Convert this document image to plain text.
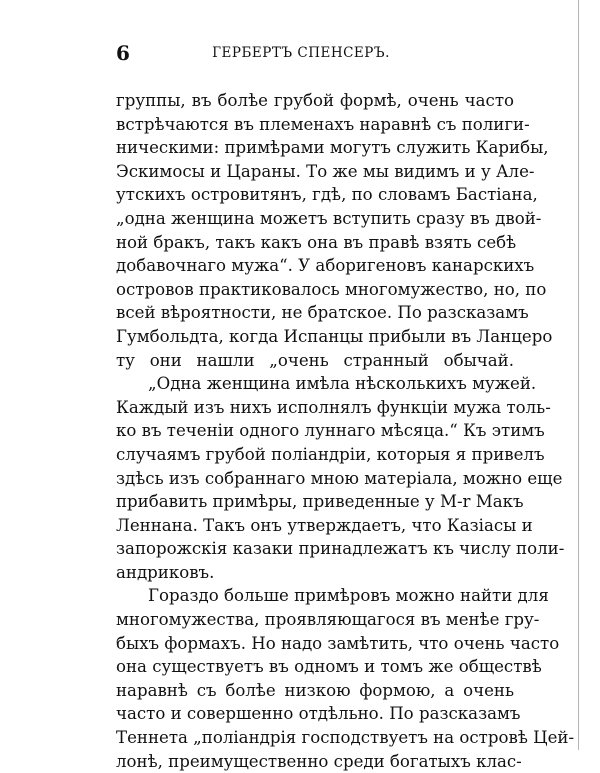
6	ГЕРБЕРТЪ СПЕНСЕРЪ.
группы, въ болѣе грубой формѣ, очень часто
встрѣчаются въ племенахъ наравнѣ съ полиги-
ническими: примѣрами могутъ служить Карибы,
Эскимосы и Цараны. То же мы видимъ и у Але-
утскихъ островитянъ, гдѣ, по словамъ Бастiана,
„одна женщина можетъ вступить сразу въ двой-
ной бракъ, такъ какъ она въ правѣ взять себѣ
добавочнаго мужа“. У аборигеновъ канарскихъ
островов практиковалось многомужество, но, по
всей вѣроятности, не братское. По разсказамъ
Гумбольдта, когда Испанцы прибыли въ Ланцеро
ту они нашли „очень странный обычай.
„Одна женщина имѣла нѣсколькихъ мужей.
Каждый изъ нихъ исполнялъ функцiи мужа толь-
ко въ теченiи одного луннаго мѣсяца.“ Къ этимъ
случаямъ грубой поліандріи, которыя я привелъ
здѣсь изъ собраннаго мною матеріала, можно еще
прибавить примѣры, приведенные у М-r Макъ
Леннана. Такъ онъ утверждаетъ, что Казiасы и
запорожскiя казаки принадлежатъ къ числу поли-
андриковъ.
Гораздо больше примѣровъ можно найти для
многомужества, проявляющагося въ менѣе гру-
быхъ формахъ. Но надо замѣтить, что очень часто
она существуетъ въ одномъ и томъ же обществѣ
наравнѣ съ болѣе низкою формою, а очень
часто и совершенно отдѣльно. По разсказамъ
Теннета „поліандрія господствуетъ на островѣ Цей-
лонѣ, преимущественно среди богатыхъ клас-
